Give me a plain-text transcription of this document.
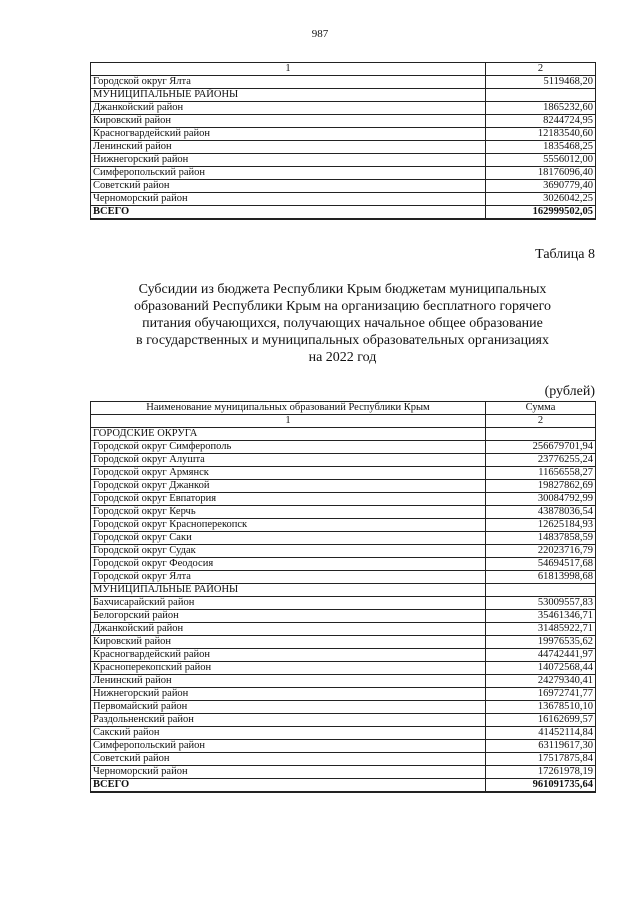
987
1	2
Городской округ Ялта	5119468,20
МУНИЦИПАЛЬНЫЕ РАЙОНЫ	
Джанкойский район	1865232,60
Кировский район	8244724,95
Красногвардейский район	12183540,60
Ленинский район	1835468,25
Нижнегорский район	5556012,00
Симферопольский район	18176096,40
Советский район	3690779,40
Черноморский район	3026042,25
ВСЕГО	162999502,05
Таблица 8
Субсидии из бюджета Республики Крым бюджетам муниципальных
образований Республики Крым на организацию бесплатного горячего
питания обучающихся, получающих начальное общее образование
в государственных и муниципальных образовательных организациях
на 2022 год
(рублей)
Наименование муниципальных образований Республики Крым	Сумма
1	2
ГОРОДСКИЕ ОКРУГА	
Городской округ Симферополь	256679701,94
Городской округ Алушта	23776255,24
Городской округ Армянск	11656558,27
Городской округ Джанкой	19827862,69
Городской округ Евпатория	30084792,99
Городской округ Керчь	43878036,54
Городской округ Красноперекопск	12625184,93
Городской округ Саки	14837858,59
Городской округ Судак	22023716,79
Городской округ Феодосия	54694517,68
Городской округ Ялта	61813998,68
МУНИЦИПАЛЬНЫЕ РАЙОНЫ	
Бахчисарайский район	53009557,83
Белогорский район	35461346,71
Джанкойский район	31485922,71
Кировский район	19976535,62
Красногвардейский район	44742441,97
Красноперекопский район	14072568,44
Ленинский район	24279340,41
Нижнегорский район	16972741,77
Первомайский район	13678510,10
Раздольненский район	16162699,57
Сакский район	41452114,84
Симферопольский район	63119617,30
Советский район	17517875,84
Черноморский район	17261978,19
ВСЕГО	961091735,64
